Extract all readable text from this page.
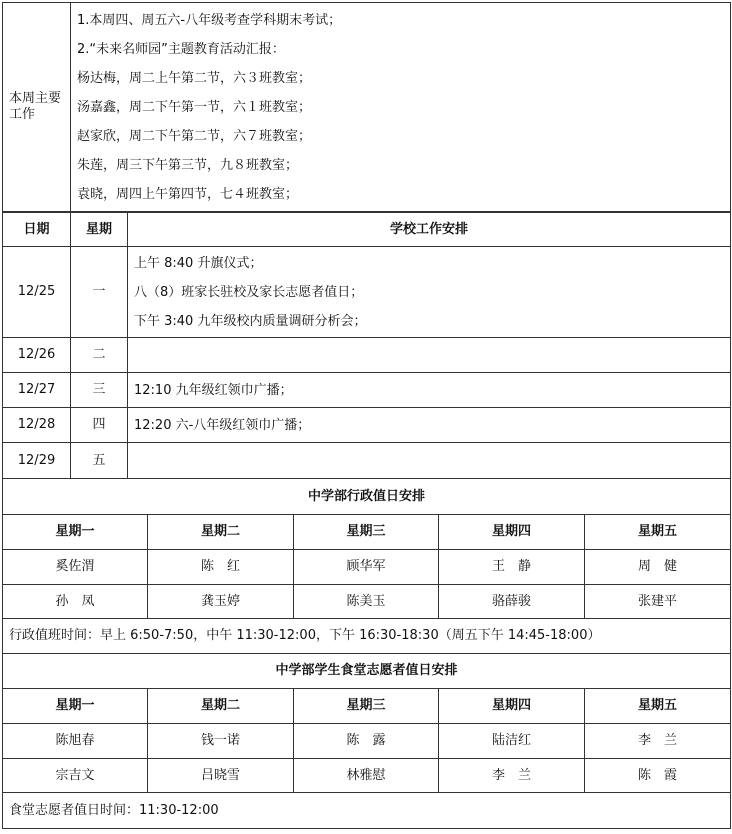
本周主要工作	
1.本周四、周五六-八年级考查学科期末考试；
2.“未来名师园”主题教育活动汇报：
杨达梅，周二上午第二节，六３班教室；
汤嘉鑫，周二下午第一节，六１班教室；
赵家欣，周二下午第二节，六７班教室；
朱莲，周三下午第三节，九８班教室；
袁晓，周四上午第四节，七４班教室；
日期	星期	学校工作安排
12/25	一	上午 8:40 升旗仪式；
八（8）班家长驻校及家长志愿者值日；
下午 3:40 九年级校内质量调研分析会；

12/26	二	

12/27	三	12:10 九年级红领巾广播；

12/28	四	12:20 六-八年级红领巾广播；

12/29	五	
中学部行政值日安排				
星期一	星期二	星期三	星期四	星期五
奚佐渭	陈　红	顾华军	王　静	周　健
孙　凤	龚玉婷	陈美玉	骆薛骏	张建平
行政值班时间：早上 6:50-7:50，中午 11:30-12:00，下午 16:30-18:30（周五下午 14:45-18:00）				
中学部学生食堂志愿者值日安排				
星期一	星期二	星期三	星期四	星期五
陈旭春	钱一诺	陈　露	陆洁红	李　兰
宗吉文	吕晓雪	林雅慰	李　兰	陈　霞
食堂志愿者值日时间：11:30-12:00				
